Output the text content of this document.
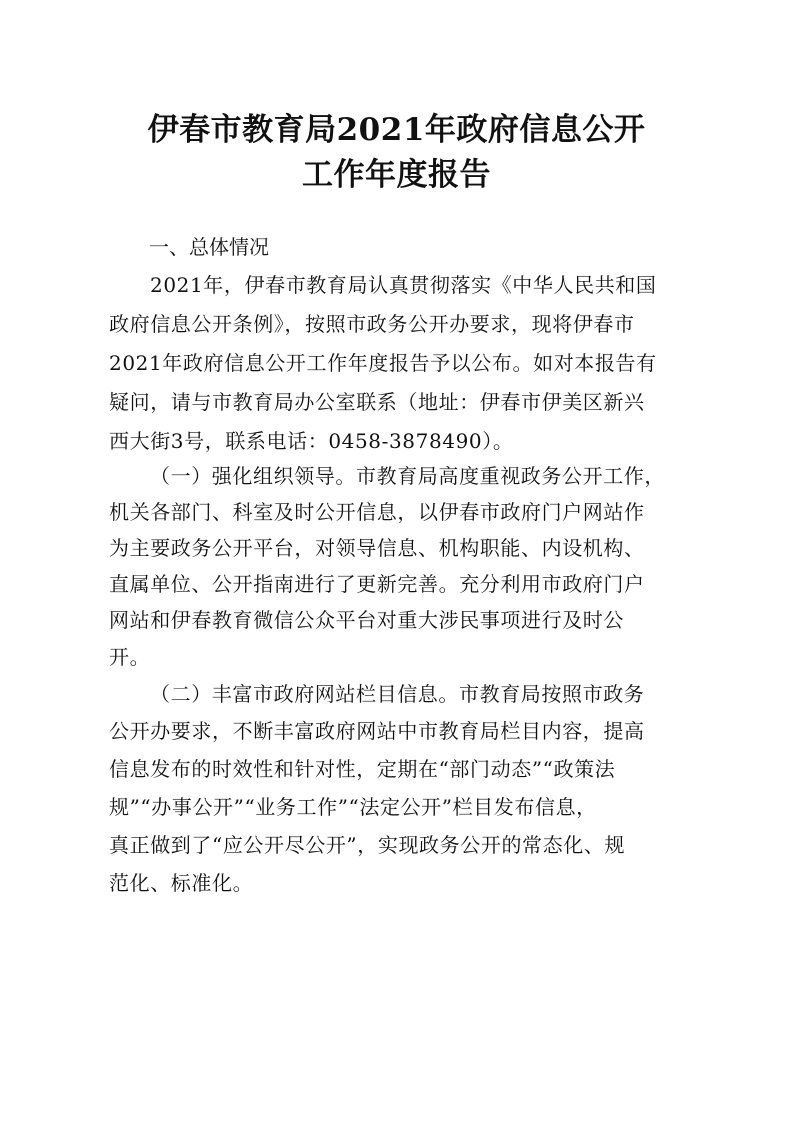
伊春市教育局2021年政府信息公开
工作年度报告
一、总体情况
2021年，伊春市教育局认真贯彻落实《中华人民共和国
政府信息公开条例》，按照市政务公开办要求，现将伊春市
2021年政府信息公开工作年度报告予以公布。如对本报告有
疑问，请与市教育局办公室联系（地址：伊春市伊美区新兴
西大街3号，联系电话：0458-3878490）。
（一）强化组织领导。市教育局高度重视政务公开工作，
机关各部门、科室及时公开信息，以伊春市政府门户网站作
为主要政务公开平台，对领导信息、机构职能、内设机构、
直属单位、公开指南进行了更新完善。充分利用市政府门户
网站和伊春教育微信公众平台对重大涉民事项进行及时公
开。
（二）丰富市政府网站栏目信息。市教育局按照市政务
公开办要求，不断丰富政府网站中市教育局栏目内容，提高
信息发布的时效性和针对性，定期在“部门动态”“政策法
规”“办事公开”“业务工作”“法定公开”栏目发布信息，
真正做到了“应公开尽公开”，实现政务公开的常态化、规
范化、标准化。
